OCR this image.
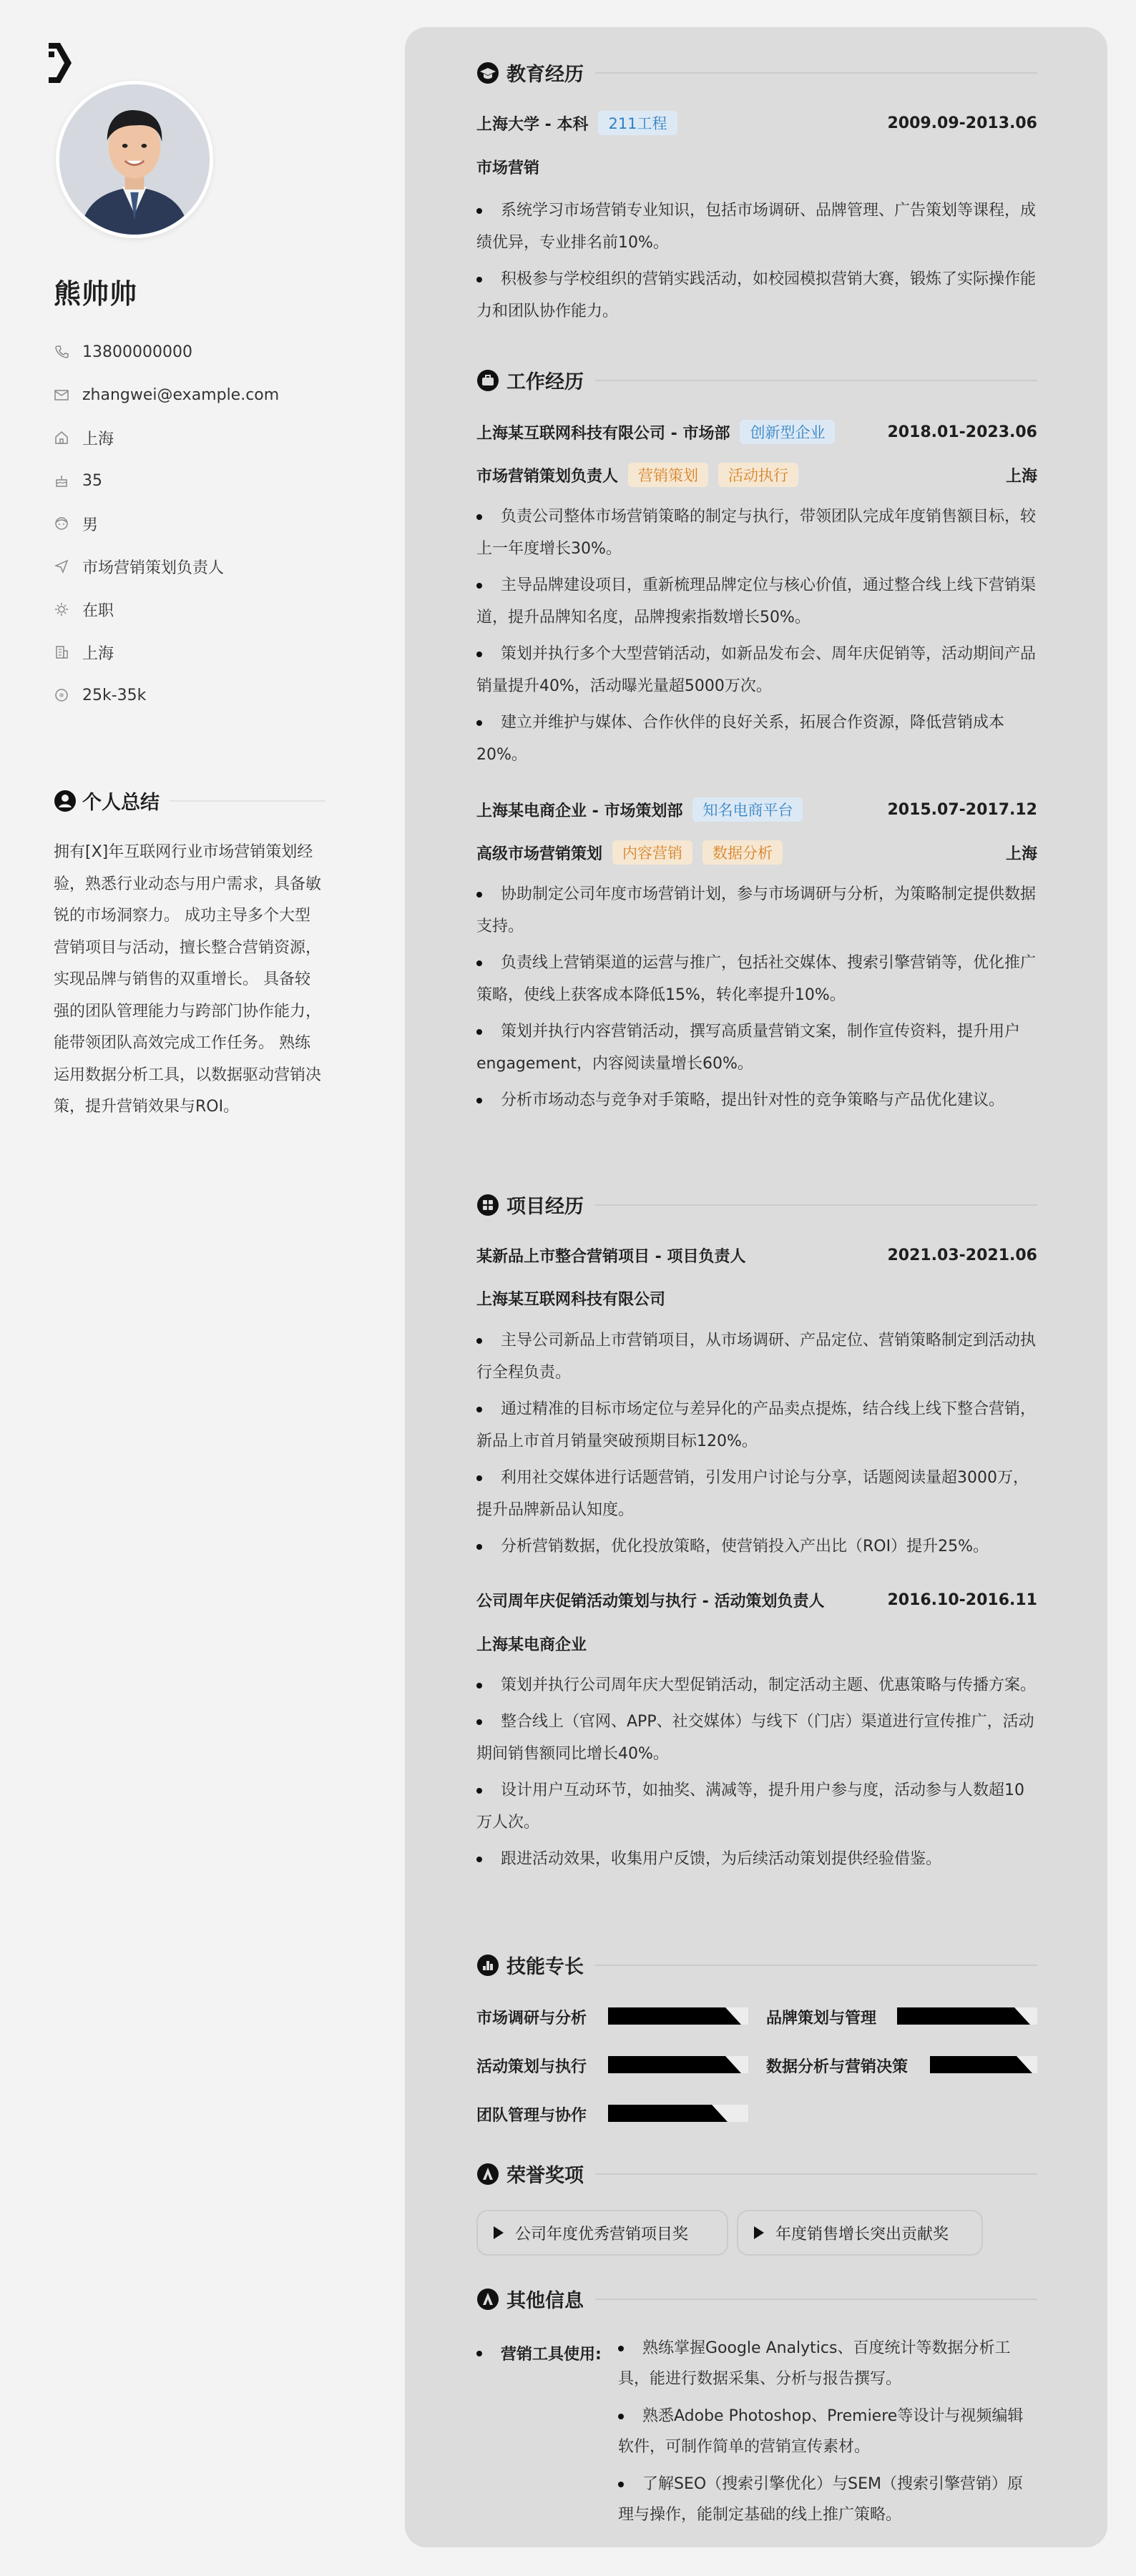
熊帅帅
13800000000
zhangwei@example.com
上海
35
男
市场营销策划负责人
在职
上海
25k-35k
个人总结

拥有[X]年互联网行业市场营销策划经验，熟悉行业动态与用户需求，具备敏锐的市场洞察力。 成功主导多个大型营销项目与活动，擅长整合营销资源，实现品牌与销售的双重增长。 具备较强的团队管理能力与跨部门协作能力，能带领团队高效完成工作任务。 熟练运用数据分析工具，以数据驱动营销决策，提升营销效果与ROI。

教育经历
上海大学 - 本科	211工程	2009.09-2013.06
市场营销
系统学习市场营销专业知识，包括市场调研、品牌管理、广告策划等课程，成绩优异，专业排名前10%。
积极参与学校组织的营销实践活动，如校园模拟营销大赛，锻炼了实际操作能力和团队协作能力。
工作经历
上海某互联网科技有限公司 - 市场部	创新型企业	2018.01-2023.06
市场营销策划负责人	营销策划	活动执行	上海
负责公司整体市场营销策略的制定与执行，带领团队完成年度销售额目标，较上一年度增长30%。
主导品牌建设项目，重新梳理品牌定位与核心价值，通过整合线上线下营销渠道，提升品牌知名度，品牌搜索指数增长50%。
策划并执行多个大型营销活动，如新品发布会、周年庆促销等，活动期间产品销量提升40%，活动曝光量超5000万次。
建立并维护与媒体、合作伙伴的良好关系，拓展合作资源，降低营销成本20%。
上海某电商企业 - 市场策划部	知名电商平台	2015.07-2017.12
高级市场营销策划	内容营销	数据分析	上海
协助制定公司年度市场营销计划，参与市场调研与分析，为策略制定提供数据支持。
负责线上营销渠道的运营与推广，包括社交媒体、搜索引擎营销等，优化推广策略，使线上获客成本降低15%，转化率提升10%。
策划并执行内容营销活动，撰写高质量营销文案，制作宣传资料，提升用户 engagement，内容阅读量增长60%。
分析市场动态与竞争对手策略，提出针对性的竞争策略与产品优化建议。
项目经历
某新品上市整合营销项目 - 项目负责人	2021.03-2021.06
上海某互联网科技有限公司
主导公司新品上市营销项目，从市场调研、产品定位、营销策略制定到活动执行全程负责。
通过精准的目标市场定位与差异化的产品卖点提炼，结合线上线下整合营销，新品上市首月销量突破预期目标120%。
利用社交媒体进行话题营销，引发用户讨论与分享，话题阅读量超3000万，提升品牌新品认知度。
分析营销数据，优化投放策略，使营销投入产出比（ROI）提升25%。
公司周年庆促销活动策划与执行 - 活动策划负责人	2016.10-2016.11
上海某电商企业
策划并执行公司周年庆大型促销活动，制定活动主题、优惠策略与传播方案。
整合线上（官网、APP、社交媒体）与线下（门店）渠道进行宣传推广，活动期间销售额同比增长40%。
设计用户互动环节，如抽奖、满减等，提升用户参与度，活动参与人数超10万人次。
跟进活动效果，收集用户反馈，为后续活动策划提供经验借鉴。
技能专长
市场调研与分析	品牌策划与管理
活动策划与执行	数据分析与营销决策
团队管理与协作
荣誉奖项
公司年度优秀营销项目奖	年度销售增长突出贡献奖
其他信息
营销工具使用:	熟练掌握Google Analytics、百度统计等数据分析工具，能进行数据采集、分析与报告撰写。
熟悉Adobe Photoshop、Premiere等设计与视频编辑软件，可制作简单的营销宣传素材。
了解SEO（搜索引擎优化）与SEM（搜索引擎营销）原理与操作，能制定基础的线上推广策略。
